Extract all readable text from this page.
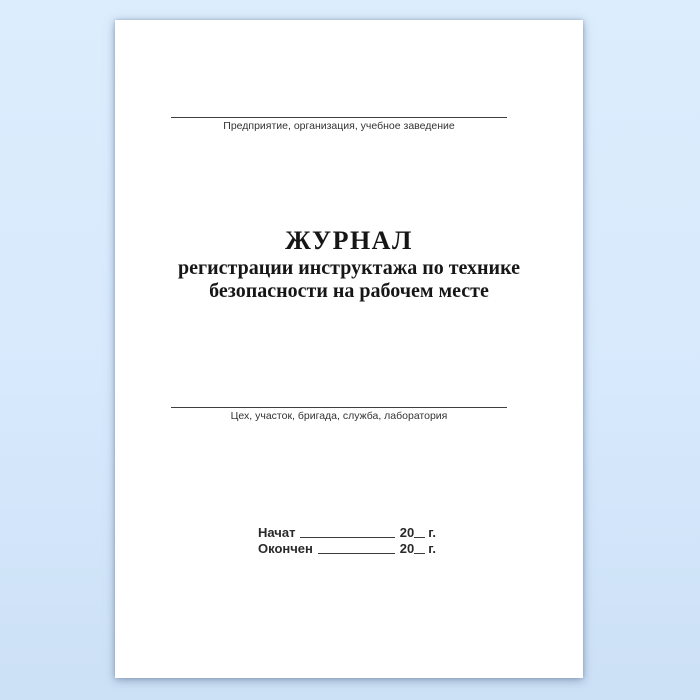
Предприятие, организация, учебное заведение
ЖУРНАЛ
регистрации инструктажа по технике
безопасности на рабочем месте
Цех, участок, бригада, служба, лаборатория
Начат	20 г.
Окончен	20 г.
